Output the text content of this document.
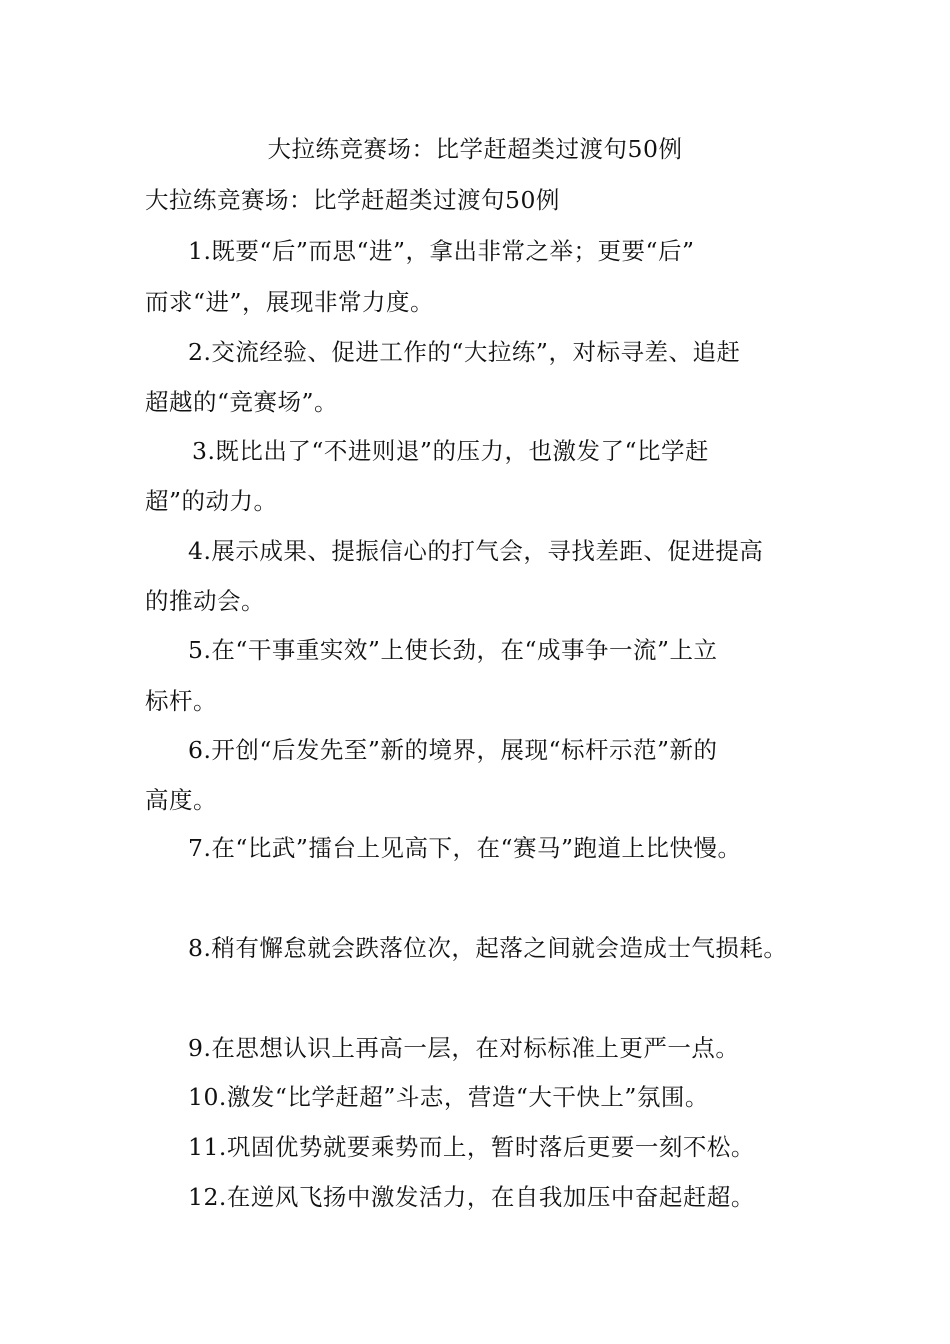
大拉练竞赛场：比学赶超类过渡句50例
大拉练竞赛场：比学赶超类过渡句50例
1.既要“后”而思“进”，拿出非常之举；更要“后”
而求“进”，展现非常力度。
2.交流经验、促进工作的“大拉练”，对标寻差、追赶
超越的“竞赛场”。
3.既比出了“不进则退”的压力，也激发了“比学赶
超”的动力。
4.展示成果、提振信心的打气会，寻找差距、促进提高
的推动会。
5.在“干事重实效”上使长劲，在“成事争一流”上立
标杆。
6.开创“后发先至”新的境界，展现“标杆示范”新的
高度。
7.在“比武”擂台上见高下，在“赛马”跑道上比快慢。
8.稍有懈怠就会跌落位次，起落之间就会造成士气损耗。
9.在思想认识上再高一层，在对标标准上更严一点。
10.激发“比学赶超”斗志，营造“大干快上”氛围。
11.巩固优势就要乘势而上，暂时落后更要一刻不松。
12.在逆风飞扬中激发活力，在自我加压中奋起赶超。
